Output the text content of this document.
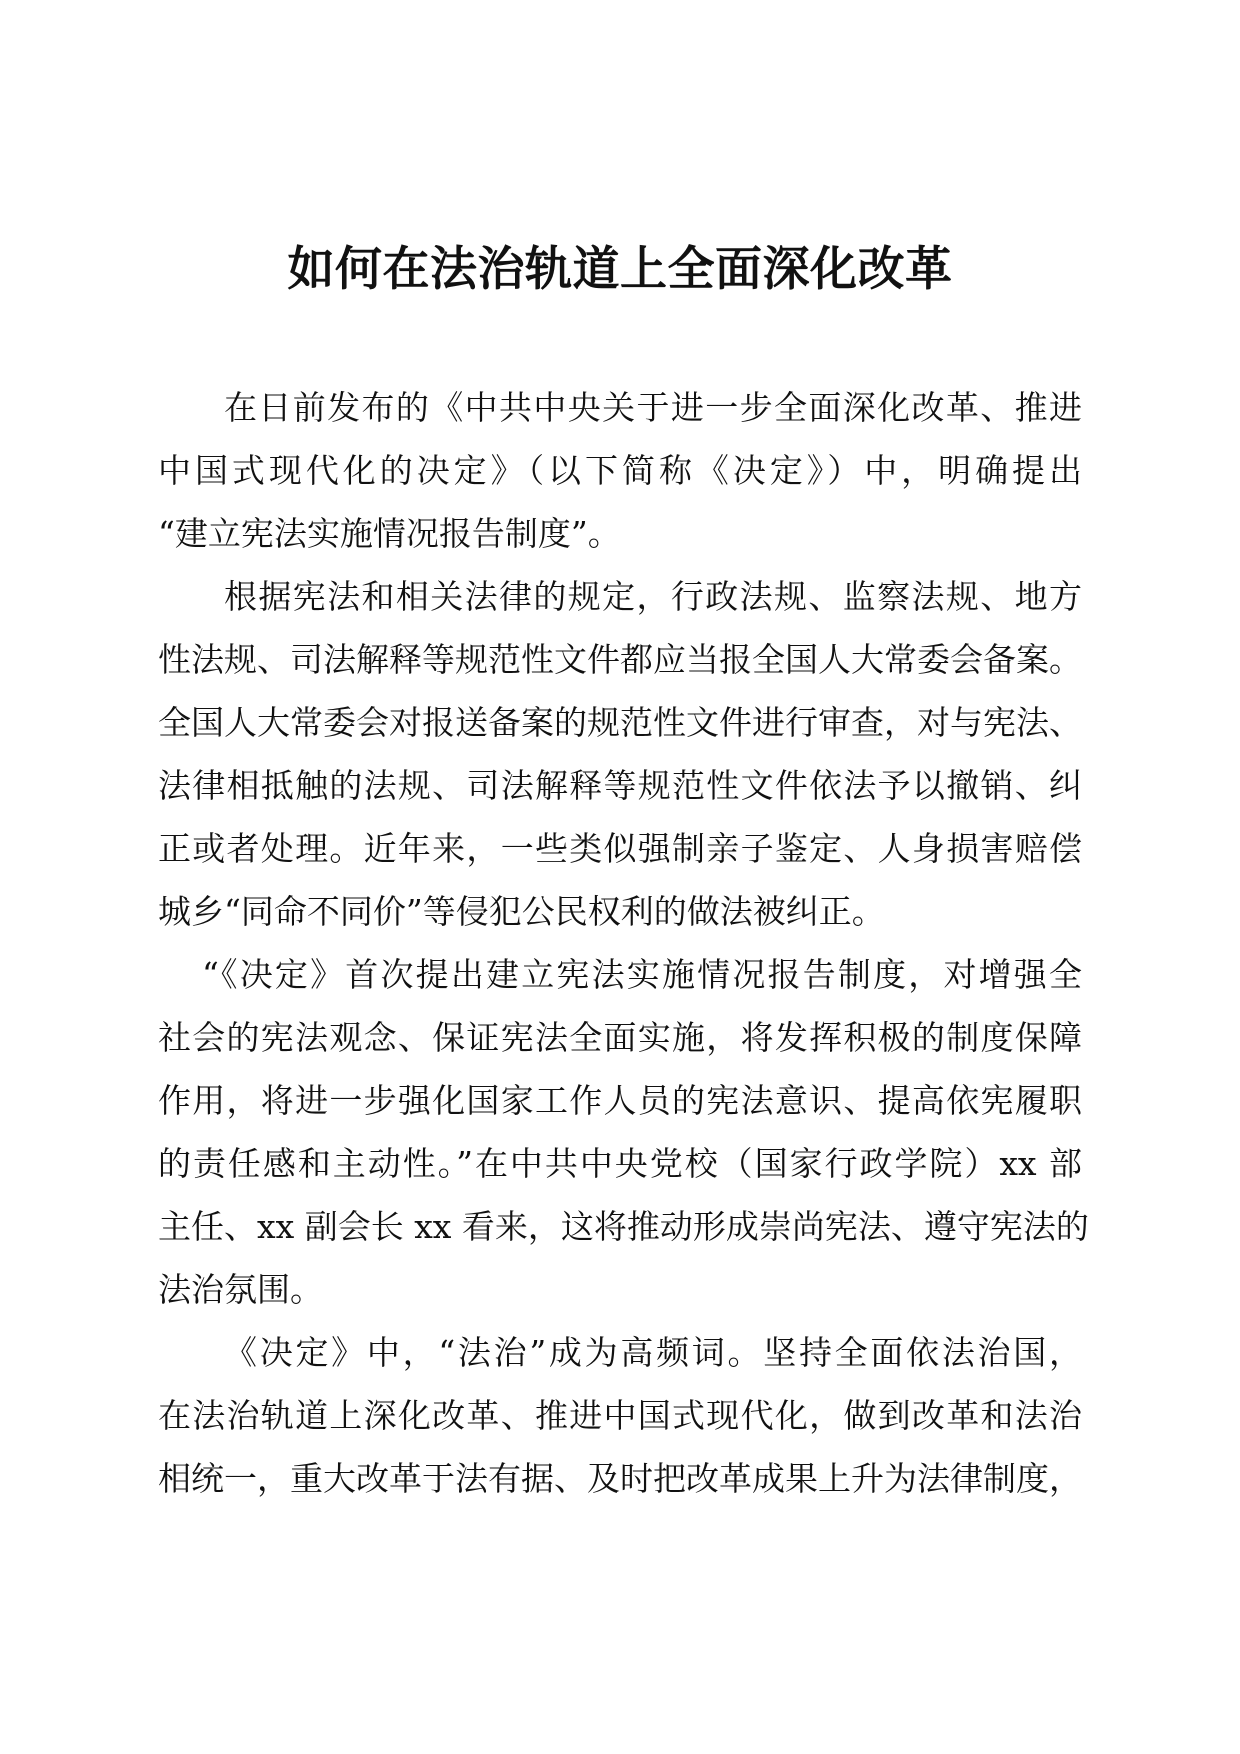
如何在法治轨道上全面深化改革
在日前发布的《中共中央关于进一步全面深化改革、推进
中国式现代化的决定》（以下简称《决定》）中，明确提出
“建立宪法实施情况报告制度”。
根据宪法和相关法律的规定，行政法规、监察法规、地方
性法规、司法解释等规范性文件都应当报全国人大常委会备案。
全国人大常委会对报送备案的规范性文件进行审查，对与宪法、
法律相抵触的法规、司法解释等规范性文件依法予以撤销、纠
正或者处理。近年来，一些类似强制亲子鉴定、人身损害赔偿
城乡“同命不同价”等侵犯公民权利的做法被纠正。
“《决定》首次提出建立宪法实施情况报告制度，对增强全
社会的宪法观念、保证宪法全面实施，将发挥积极的制度保障
作用，将进一步强化国家工作人员的宪法意识、提高依宪履职
的责任感和主动性。”在中共中央党校（国家行政学院）xx 部
主任、xx 副会长 xx 看来，这将推动形成崇尚宪法、遵守宪法的
法治氛围。
《决定》中，“法治”成为高频词。坚持全面依法治国，
在法治轨道上深化改革、推进中国式现代化，做到改革和法治
相统一，重大改革于法有据、及时把改革成果上升为法律制度，
